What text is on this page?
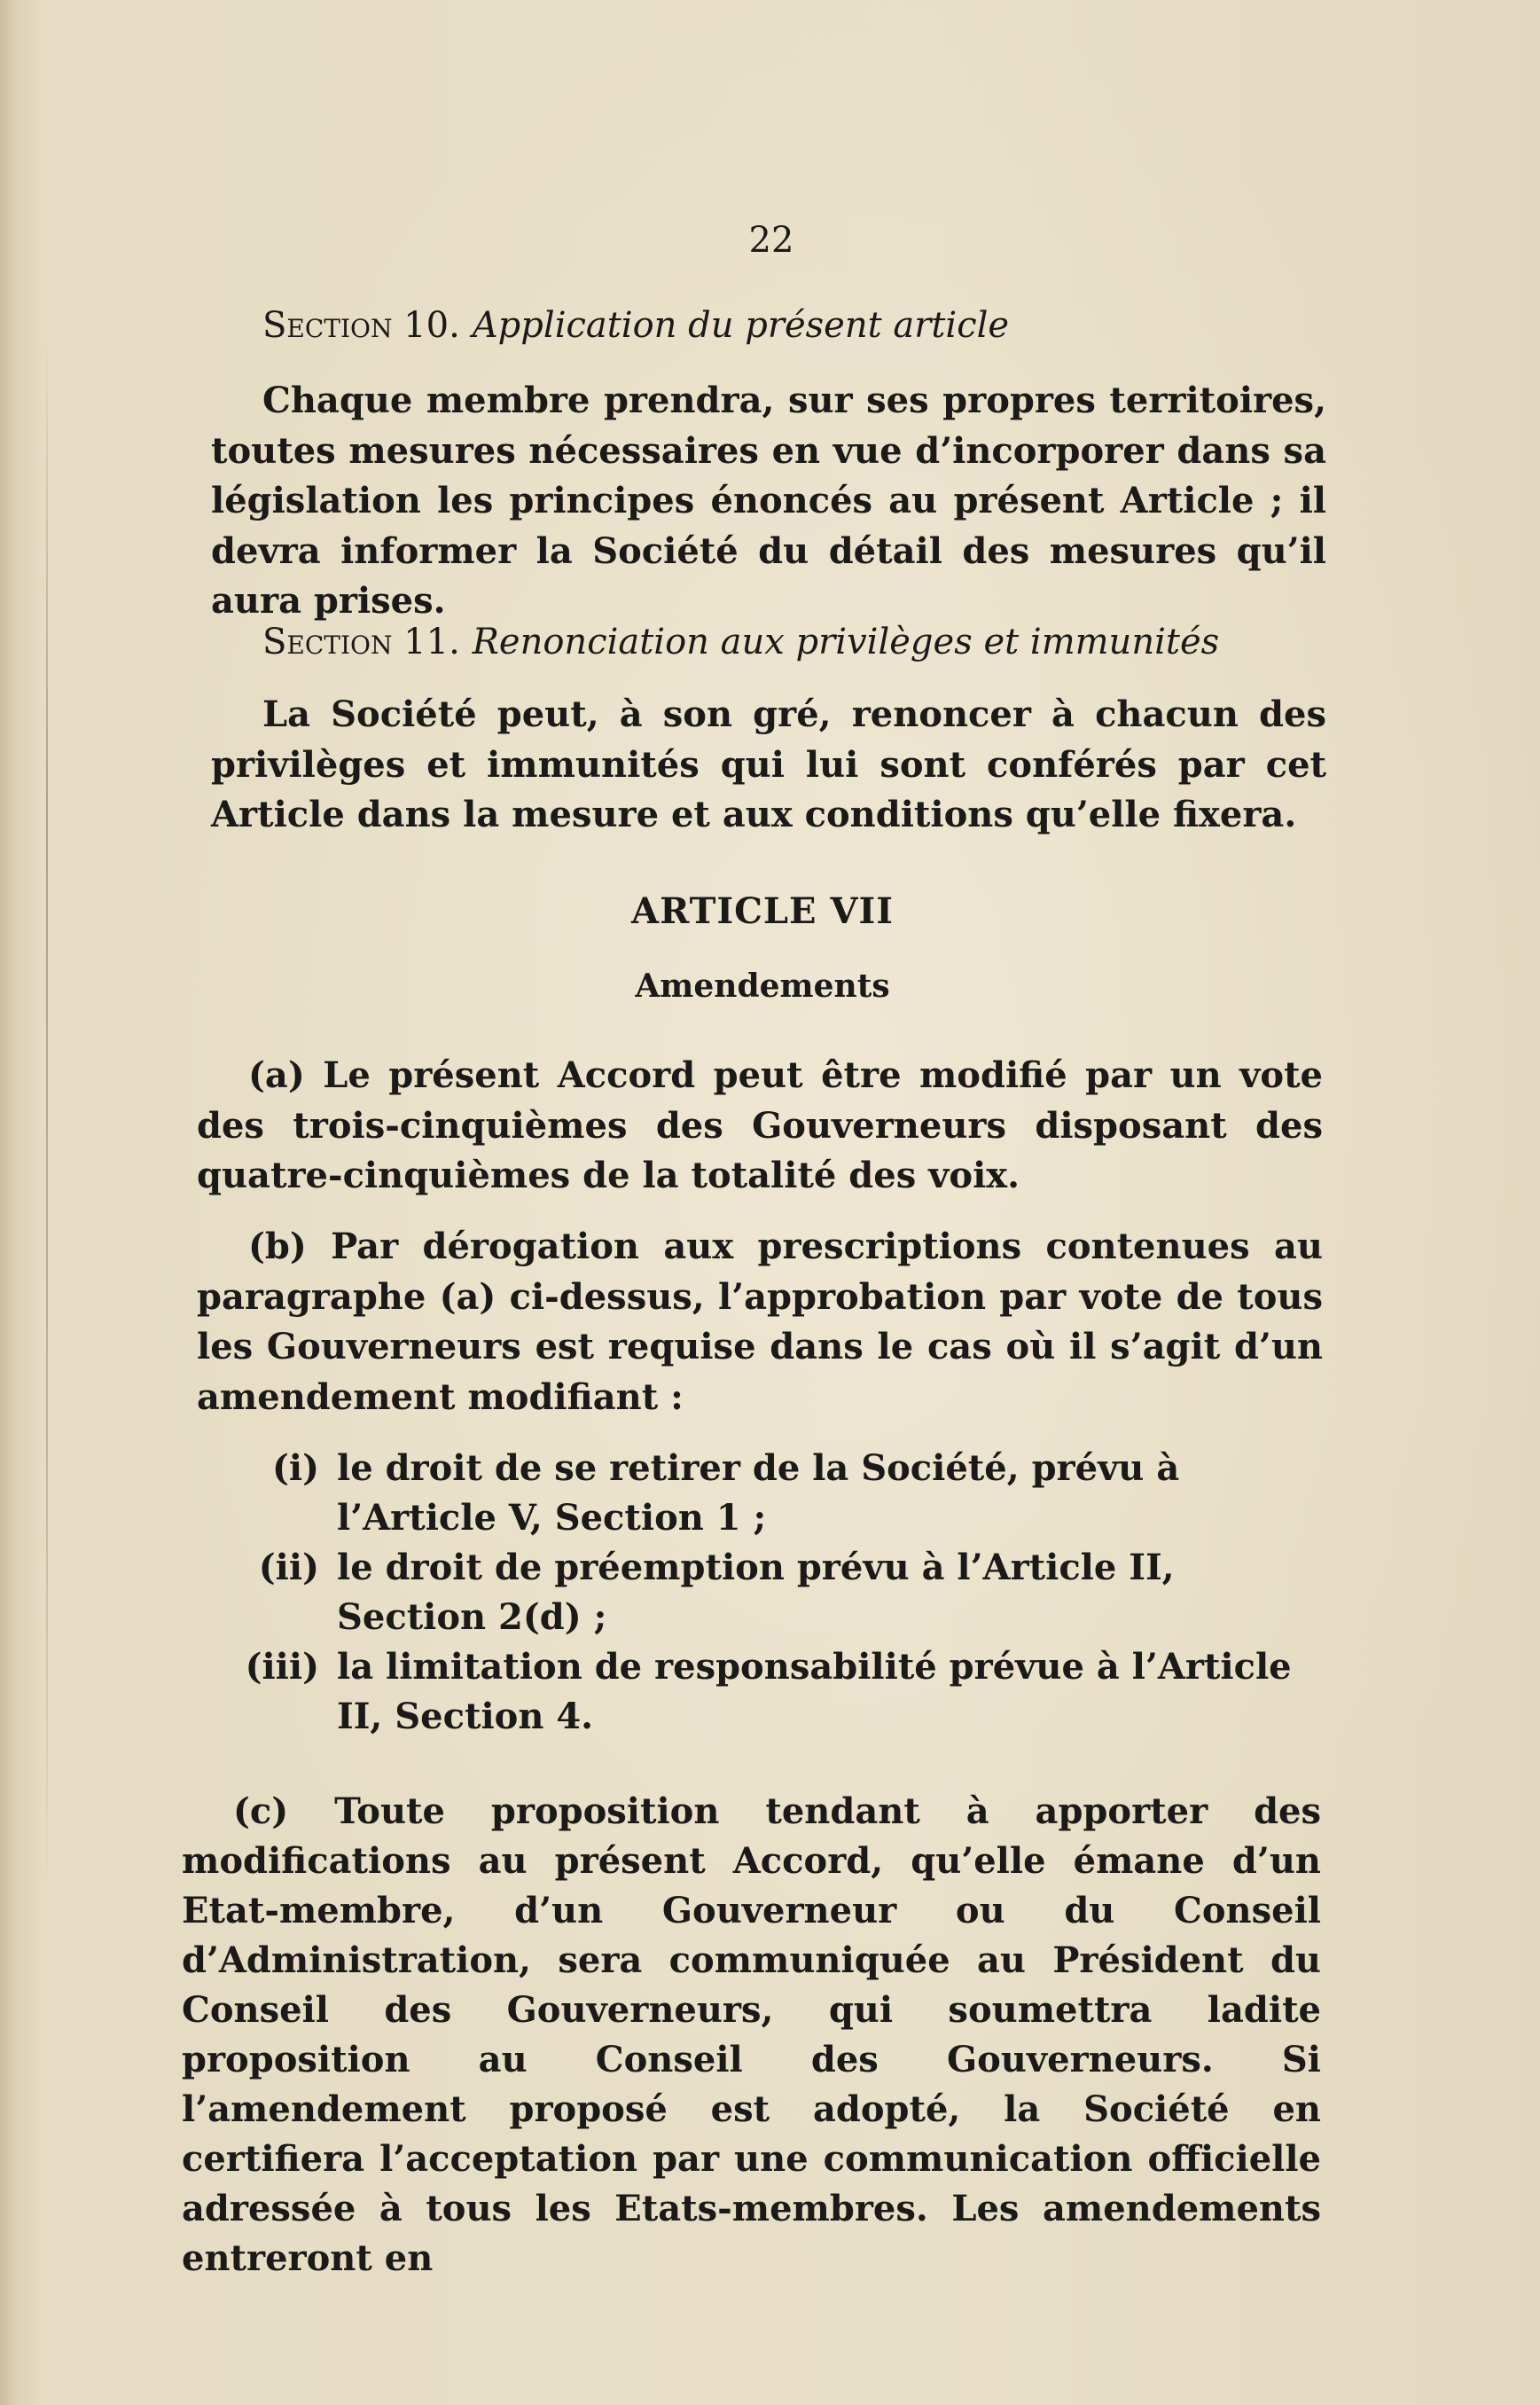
22
Section 10. Application du présent article

Chaque membre prendra, sur ses propres territoires, toutes mesures nécessaires en vue d’incorporer dans sa législation les principes énoncés au présent Article ; il devra informer la Société du détail des mesures qu’il aura prises.

Section 11. Renonciation aux privilèges et immunités

La Société peut, à son gré, renoncer à chacun des privilèges et immunités qui lui sont conférés par cet Article dans la mesure et aux conditions qu’elle fixera.

ARTICLE VII
Amendements

(a) Le présent Accord peut être modifié par un vote des trois-cinquièmes des Gouverneurs disposant des quatre-cinquièmes de la totalité des voix.

(b) Par dérogation aux prescriptions contenues au paragraphe (a) ci-dessus, l’approbation par vote de tous les Gouverneurs est requise dans le cas où il s’agit d’un amendement modifiant :

(i) le droit de se retirer de la Société, prévu à l’Article V, Section 1 ;
(ii) le droit de préemption prévu à l’Article II, Section 2(d) ;
(iii) la limitation de responsabilité prévue à l’Article II, Section 4.

(c) Toute proposition tendant à apporter des modifications au présent Accord, qu’elle émane d’un Etat-membre, d’un Gouverneur ou du Conseil d’Administration, sera communiquée au Président du Conseil des Gouverneurs, qui soumettra ladite proposition au Conseil des Gouverneurs. Si l’amendement proposé est adopté, la Société en certifiera l’acceptation par une communication officielle adressée à tous les Etats-membres. Les amendements entreront en
